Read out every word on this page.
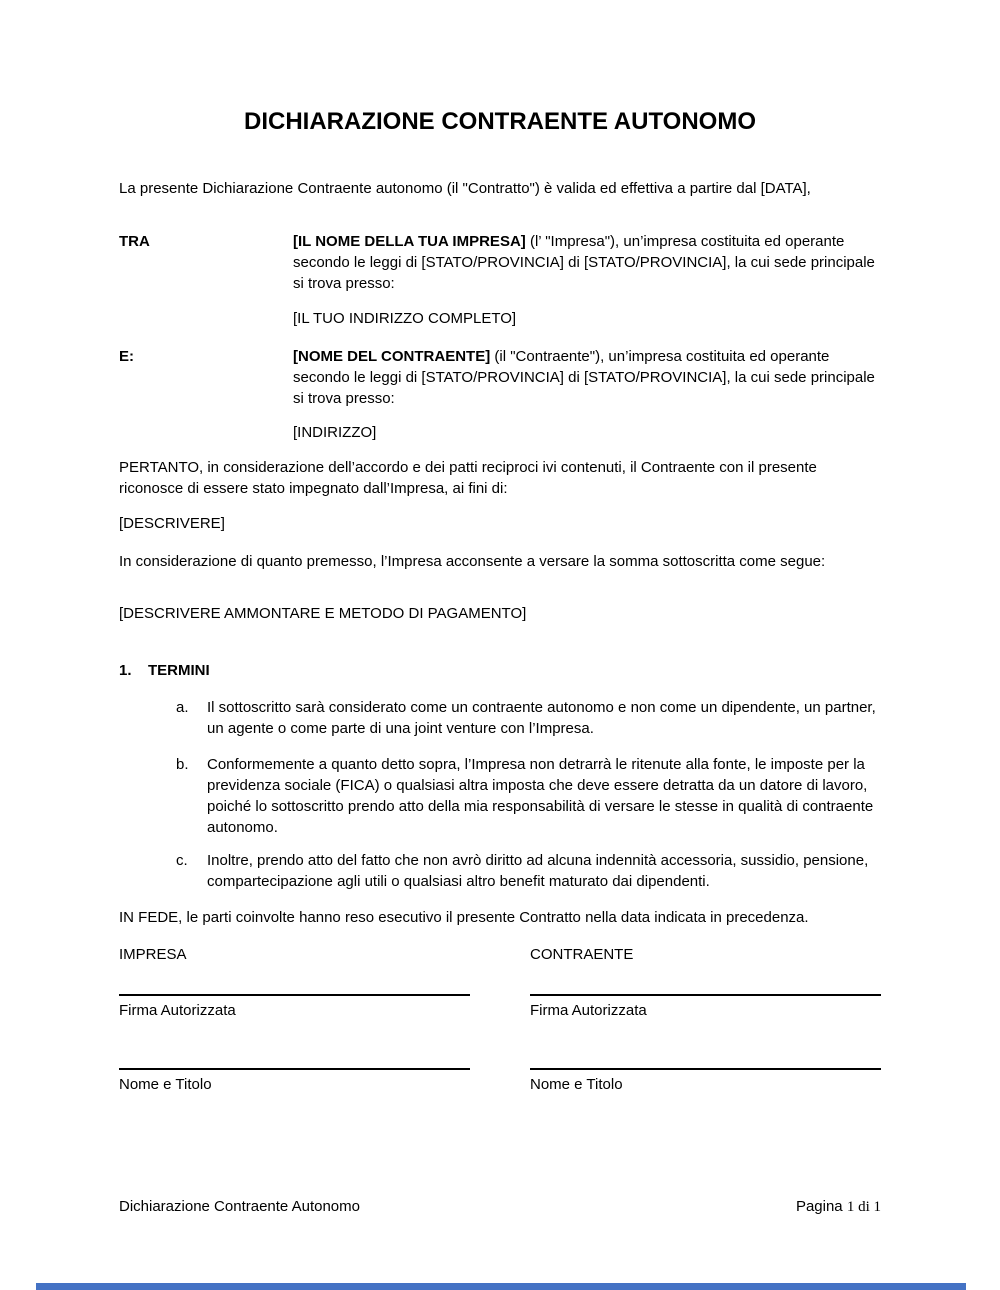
DICHIARAZIONE CONTRAENTE AUTONOMO

La presente Dichiarazione Contraente autonomo (il "Contratto") è valida ed effettiva a partire dal [DATA],

TRA	[IL NOME DELLA TUA IMPRESA] (l’ "Impresa"), un’impresa costituita ed operante secondo le leggi di [STATO/PROVINCIA] di [STATO/PROVINCIA], la cui sede principale si trova presso:
[IL TUO INDIRIZZO COMPLETO]
E:	[NOME DEL CONTRAENTE] (il "Contraente"), un’impresa costituita ed operante secondo le leggi di [STATO/PROVINCIA] di [STATO/PROVINCIA], la cui sede principale si trova presso:
[INDIRIZZO]

PERTANTO, in considerazione dell’accordo e dei patti reciproci ivi contenuti, il Contraente con il presente riconosce di essere stato impegnato dall’Impresa, ai fini di:

[DESCRIVERE]

In considerazione di quanto premesso, l’Impresa acconsente a versare la somma sottoscritta come segue:

[DESCRIVERE AMMONTARE E METODO DI PAGAMENTO]

1.	TERMINI
a.	Il sottoscritto sarà considerato come un contraente autonomo e non come un dipendente, un partner, un agente o come parte di una joint venture con l’Impresa.
b.	Conformemente a quanto detto sopra, l’Impresa non detrarrà le ritenute alla fonte, le imposte per la previdenza sociale (FICA) o qualsiasi altra imposta che deve essere detratta da un datore di lavoro, poiché lo sottoscritto prendo atto della mia responsabilità di versare le stesse in qualità di contraente autonomo.
c.	Inoltre, prendo atto del fatto che non avrò diritto ad alcuna indennità accessoria, sussidio, pensione, compartecipazione agli utili o qualsiasi altro benefit maturato dai dipendenti.

IN FEDE, le parti coinvolte hanno reso esecutivo il presente Contratto nella data indicata in precedenza.

IMPRESA
Firma Autorizzata
Nome e Titolo
CONTRAENTE
Firma Autorizzata
Nome e Titolo
Dichiarazione Contraente Autonomo	Pagina 1 di 1
